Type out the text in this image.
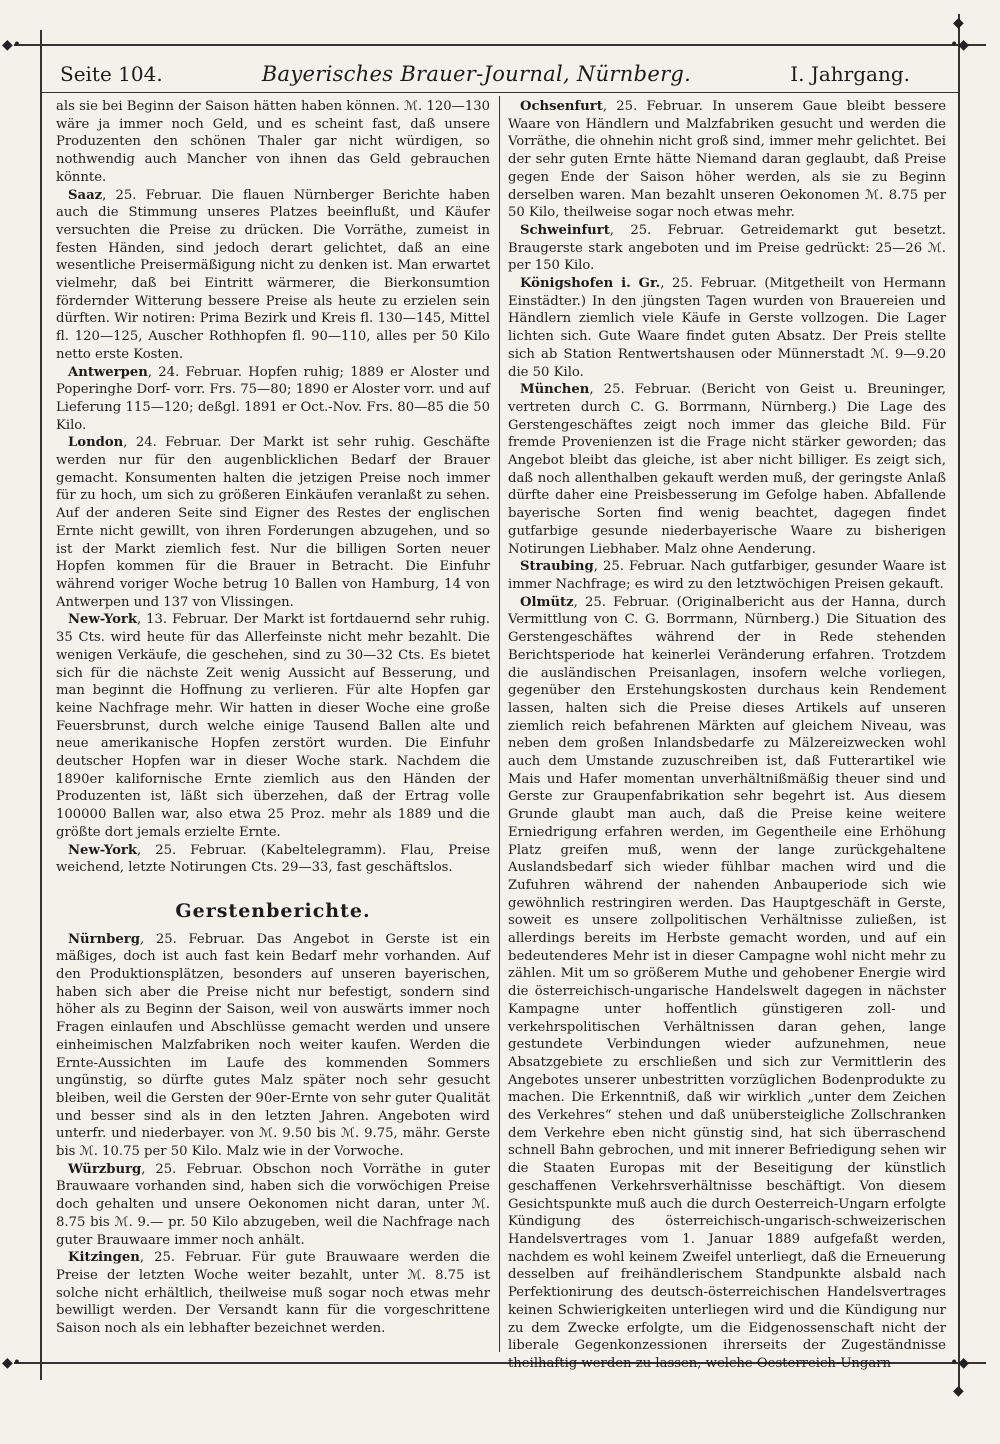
◆•	•◆
◆•	•◆
◆
◆
Seite 104.	Bayerisches Brauer-Journal, Nürnberg.	I. Jahrgang.

als sie bei Beginn der Saison hätten haben können. ℳ. 120—130 wäre ja immer noch Geld, und es scheint fast, daß unsere Produzenten den schönen Thaler gar nicht würdigen, so nothwendig auch Mancher von ihnen das Geld gebrauchen könnte.

Saaz, 25. Februar. Die flauen Nürnberger Berichte haben auch die Stimmung unseres Platzes beeinflußt, und Käufer versuchten die Preise zu drücken. Die Vorräthe, zumeist in festen Händen, sind jedoch derart gelichtet, daß an eine wesentliche Preisermäßigung nicht zu denken ist. Man erwartet vielmehr, daß bei Eintritt wärmerer, die Bierkonsumtion fördernder Witterung bessere Preise als heute zu erzielen sein dürften. Wir notiren: Prima Bezirk und Kreis fl. 130—145, Mittel fl. 120—125, Auscher Rothhopfen fl. 90—110, alles per 50 Kilo netto erste Kosten.

Antwerpen, 24. Februar. Hopfen ruhig; 1889 er Aloster und Poperinghe Dorf- vorr. Frs. 75—80; 1890 er Aloster vorr. und auf Lieferung 115—120; deßgl. 1891 er Oct.-Nov. Frs. 80—85 die 50 Kilo.

London, 24. Februar. Der Markt ist sehr ruhig. Geschäfte werden nur für den augenblicklichen Bedarf der Brauer gemacht. Konsumenten halten die jetzigen Preise noch immer für zu hoch, um sich zu größeren Einkäufen veranlaßt zu sehen. Auf der anderen Seite sind Eigner des Restes der englischen Ernte nicht gewillt, von ihren Forderungen abzugehen, und so ist der Markt ziemlich fest. Nur die billigen Sorten neuer Hopfen kommen für die Brauer in Betracht. Die Einfuhr während voriger Woche betrug 10 Ballen von Hamburg, 14 von Antwerpen und 137 von Vlissingen.

New-York, 13. Februar. Der Markt ist fortdauernd sehr ruhig. 35 Cts. wird heute für das Allerfeinste nicht mehr bezahlt. Die wenigen Verkäufe, die geschehen, sind zu 30—32 Cts. Es bietet sich für die nächste Zeit wenig Aussicht auf Besserung, und man beginnt die Hoffnung zu verlieren. Für alte Hopfen gar keine Nachfrage mehr. Wir hatten in dieser Woche eine große Feuersbrunst, durch welche einige Tausend Ballen alte und neue amerikanische Hopfen zerstört wurden. Die Einfuhr deutscher Hopfen war in dieser Woche stark. Nachdem die 1890er kalifornische Ernte ziemlich aus den Händen der Produzenten ist, läßt sich überzehen, daß der Ertrag volle 100000 Ballen war, also etwa 25 Proz. mehr als 1889 und die größte dort jemals erzielte Ernte.

New-York, 25. Februar. (Kabeltelegramm). Flau, Preise weichend, letzte Notirungen Cts. 29—33, fast geschäftslos.

Gerstenberichte.

Nürnberg, 25. Februar. Das Angebot in Gerste ist ein mäßiges, doch ist auch fast kein Bedarf mehr vorhanden. Auf den Produktionsplätzen, besonders auf unseren bayerischen, haben sich aber die Preise nicht nur befestigt, sondern sind höher als zu Beginn der Saison, weil von auswärts immer noch Fragen einlaufen und Abschlüsse gemacht werden und unsere einheimischen Malzfabriken noch weiter kaufen. Werden die Ernte-Aussichten im Laufe des kommenden Sommers ungünstig, so dürfte gutes Malz später noch sehr gesucht bleiben, weil die Gersten der 90er-Ernte von sehr guter Qualität und besser sind als in den letzten Jahren. Angeboten wird unterfr. und niederbayer. von ℳ. 9.50 bis ℳ. 9.75, mähr. Gerste bis ℳ. 10.75 per 50 Kilo. Malz wie in der Vorwoche.

Würzburg, 25. Februar. Obschon noch Vorräthe in guter Brauwaare vorhanden sind, haben sich die vorwöchigen Preise doch gehalten und unsere Oekonomen nicht daran, unter ℳ. 8.75 bis ℳ. 9.— pr. 50 Kilo abzugeben, weil die Nachfrage nach guter Brauwaare immer noch anhält.

Kitzingen, 25. Februar. Für gute Brauwaare werden die Preise der letzten Woche weiter bezahlt, unter ℳ. 8.75 ist solche nicht erhältlich, theilweise muß sogar noch etwas mehr bewilligt werden. Der Versandt kann für die vorgeschrittene Saison noch als ein lebhafter bezeichnet werden.

Ochsenfurt, 25. Februar. In unserem Gaue bleibt bessere Waare von Händlern und Malzfabriken gesucht und werden die Vorräthe, die ohnehin nicht groß sind, immer mehr gelichtet. Bei der sehr guten Ernte hätte Niemand daran geglaubt, daß Preise gegen Ende der Saison höher werden, als sie zu Beginn derselben waren. Man bezahlt unseren Oekonomen ℳ. 8.75 per 50 Kilo, theilweise sogar noch etwas mehr.

Schweinfurt, 25. Februar. Getreidemarkt gut besetzt. Braugerste stark angeboten und im Preise gedrückt: 25—26 ℳ. per 150 Kilo.

Königshofen i. Gr., 25. Februar. (Mitgetheilt von Hermann Einstädter.) In den jüngsten Tagen wurden von Brauereien und Händlern ziemlich viele Käufe in Gerste vollzogen. Die Lager lichten sich. Gute Waare findet guten Absatz. Der Preis stellte sich ab Station Rentwertshausen oder Münnerstadt ℳ. 9—9.20 die 50 Kilo.

München, 25. Februar. (Bericht von Geist u. Breuninger, vertreten durch C. G. Borrmann, Nürnberg.) Die Lage des Gerstengeschäftes zeigt noch immer das gleiche Bild. Für fremde Provenienzen ist die Frage nicht stärker geworden; das Angebot bleibt das gleiche, ist aber nicht billiger. Es zeigt sich, daß noch allenthalben gekauft werden muß, der geringste Anlaß dürfte daher eine Preisbesserung im Gefolge haben. Abfallende bayerische Sorten find wenig beachtet, dagegen findet gutfarbige gesunde niederbayerische Waare zu bisherigen Notirungen Liebhaber. Malz ohne Aenderung.

Straubing, 25. Februar. Nach gutfarbiger, gesunder Waare ist immer Nachfrage; es wird zu den letztwöchigen Preisen gekauft.

Olmütz, 25. Februar. (Originalbericht aus der Hanna, durch Vermittlung von C. G. Borrmann, Nürnberg.) Die Situation des Gerstengeschäftes während der in Rede stehenden Berichtsperiode hat keinerlei Veränderung erfahren. Trotzdem die ausländischen Preisanlagen, insofern welche vorliegen, gegenüber den Erstehungskosten durchaus kein Rendement lassen, halten sich die Preise dieses Artikels auf unseren ziemlich reich befahrenen Märkten auf gleichem Niveau, was neben dem großen Inlandsbedarfe zu Mälzereizwecken wohl auch dem Umstande zuzuschreiben ist, daß Futterartikel wie Mais und Hafer momentan unverhältnißmäßig theuer sind und Gerste zur Graupenfabrikation sehr begehrt ist. Aus diesem Grunde glaubt man auch, daß die Preise keine weitere Erniedrigung erfahren werden, im Gegentheile eine Erhöhung Platz greifen muß, wenn der lange zurückgehaltene Auslandsbedarf sich wieder fühlbar machen wird und die Zufuhren während der nahenden Anbauperiode sich wie gewöhnlich restringiren werden. Das Hauptgeschäft in Gerste, soweit es unsere zollpolitischen Verhältnisse zuließen, ist allerdings bereits im Herbste gemacht worden, und auf ein bedeutenderes Mehr ist in dieser Campagne wohl nicht mehr zu zählen. Mit um so größerem Muthe und gehobener Energie wird die österreichisch-ungarische Handelswelt dagegen in nächster Kampagne unter hoffentlich günstigeren zoll- und verkehrspolitischen Verhältnissen daran gehen, lange gestundete Verbindungen wieder aufzunehmen, neue Absatzgebiete zu erschließen und sich zur Vermittlerin des Angebotes unserer unbestritten vorzüglichen Bodenprodukte zu machen. Die Erkenntniß, daß wir wirklich „unter dem Zeichen des Verkehres“ stehen und daß unübersteigliche Zollschranken dem Verkehre eben nicht günstig sind, hat sich überraschend schnell Bahn gebrochen, und mit innerer Befriedigung sehen wir die Staaten Europas mit der Beseitigung der künstlich geschaffenen Verkehrsverhältnisse beschäftigt. Von diesem Gesichtspunkte muß auch die durch Oesterreich-Ungarn erfolgte Kündigung des österreichisch-ungarisch-schweizerischen Handelsvertrages vom 1. Januar 1889 aufgefaßt werden, nachdem es wohl keinem Zweifel unterliegt, daß die Erneuerung desselben auf freihändlerischem Standpunkte alsbald nach Perfektionirung des deutsch-österreichischen Handelsvertrages keinen Schwierigkeiten unterliegen wird und die Kündigung nur zu dem Zwecke erfolgte, um die Eidgenossenschaft nicht der liberale Gegenkonzessionen ihrerseits der Zugeständnisse theilhaftig werden zu lassen, welche Oesterreich-Ungarn
